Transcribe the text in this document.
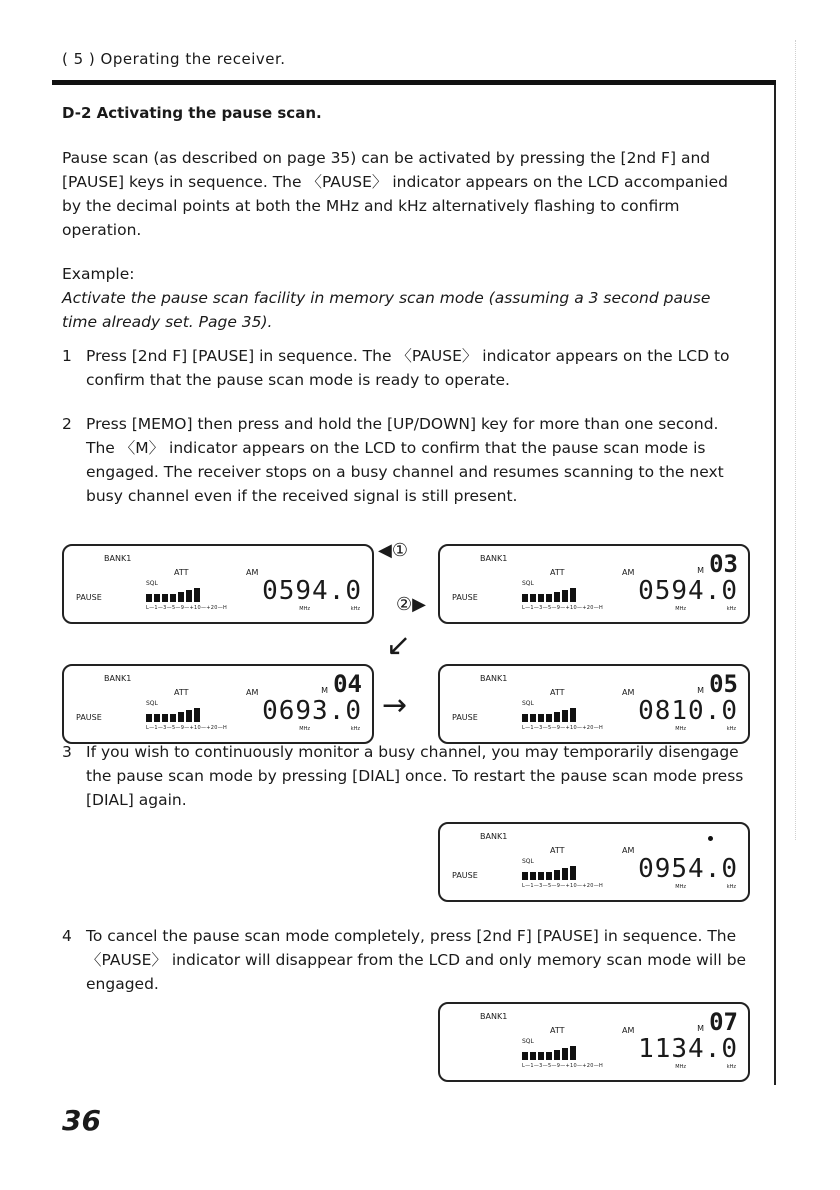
( 5 ) Operating the receiver.
D-2 Activating the pause scan.

Pause scan (as described on page 35) can be activated by pressing the [2nd F] and [PAUSE] keys in sequence. The 〈PAUSE〉 indicator appears on the LCD accompanied by the decimal points at both the MHz and kHz alternatively flashing to confirm operation.

Example:

Activate the pause scan facility in memory scan mode (assuming a 3 second pause time already set. Page 35).

1 Press [2nd F] [PAUSE] in sequence. The 〈PAUSE〉 indicator appears on the LCD to confirm that the pause scan mode is ready to operate.
2 Press [MEMO] then press and hold the [UP/DOWN] key for more than one second. The 〈M〉 indicator appears on the LCD to confirm that the pause scan mode is engaged. The receiver stops on a busy channel and resumes scanning to the next busy channel even if the received signal is still present.
BANK1
ATT	AM
SQL
L—1—3—5—9—+10—+20—H	MHz	kHz
0594.0
PAUSE
BANK1
ATT	AM
SQL
L—1—3—5—9—+10—+20—H	MHz	kHz
0594.0
PAUSE
M 03
BANK1
ATT	AM
SQL
L—1—3—5—9—+10—+20—H	MHz	kHz
0693.0
PAUSE
M 04	BANK1
ATT	AM
SQL
L—1—3—5—9—+10—+20—H	MHz	kHz
0810.0
PAUSE
M 05
BANK1
ATT	AM
SQL
L—1—3—5—9—+10—+20—H	MHz	kHz
0954.0
PAUSE
BANK1
ATT	AM
SQL
L—1—3—5—9—+10—+20—H	MHz	kHz
1134.0
M 07
◀①
②▶
↙
→
3 If you wish to continuously monitor a busy channel, you may temporarily disengage the pause scan mode by pressing [DIAL] once. To restart the pause scan mode press [DIAL] again.
4 To cancel the pause scan mode completely, press [2nd F] [PAUSE] in sequence. The 〈PAUSE〉 indicator will disappear from the LCD and only memory scan mode will be engaged.
36
